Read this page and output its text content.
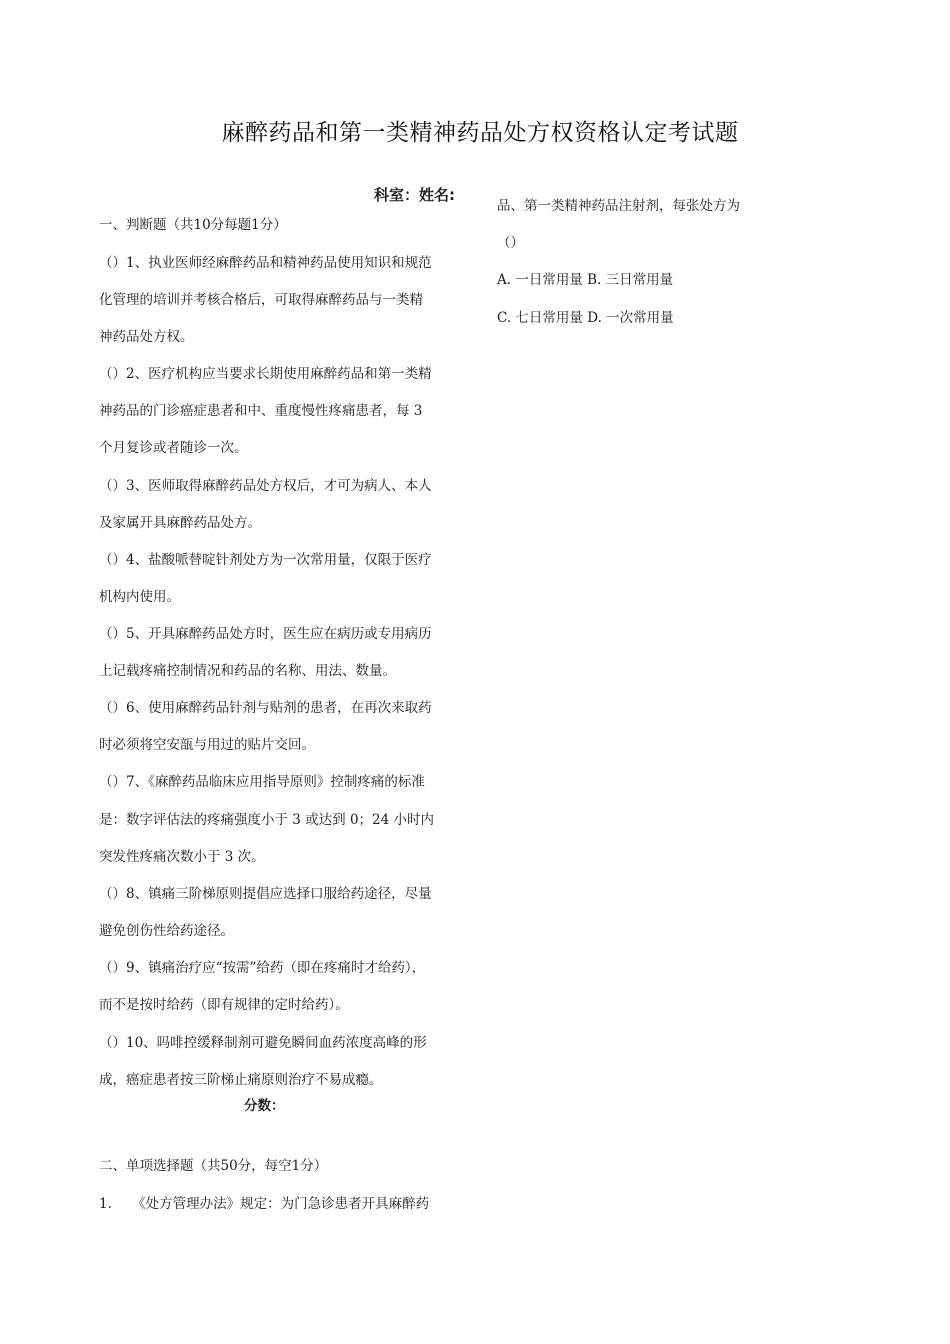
麻醉药品和第一类精神药品处方权资格认定考试题
科室：姓名:
一、判断题（共10分每题1分）
（）1、执业医师经麻醉药品和精神药品使用知识和规范
化管理的培训并考核合格后，可取得麻醉药品与一类精
神药品处方权。
（）2、医疗机构应当要求长期使用麻醉药品和第一类精
神药品的门诊癌症患者和中、重度慢性疼痛患者，每 3
个月复诊或者随诊一次。
（）3、医师取得麻醉药品处方权后，才可为病人、本人
及家属开具麻醉药品处方。
（）4、盐酸哌替啶针剂处方为一次常用量，仅限于医疗
机构内使用。
（）5、开具麻醉药品处方时，医生应在病历或专用病历
上记载疼痛控制情况和药品的名称、用法、数量。
（）6、使用麻醉药品针剂与贴剂的患者，在再次来取药
时必须将空安瓿与用过的贴片交回。
（）7、《麻醉药品临床应用指导原则》控制疼痛的标准
是：数字评估法的疼痛强度小于 3 或达到 0；24 小时内
突发性疼痛次数小于 3 次。
（）8、镇痛三阶梯原则提倡应选择口服给药途径，尽量
避免创伤性给药途径。
（）9、镇痛治疗应“按需”给药（即在疼痛时才给药），
而不是按时给药（即有规律的定时给药）。
（）10、吗啡控缓释制剂可避免瞬间血药浓度高峰的形
成，癌症患者按三阶梯止痛原则治疗不易成瘾。
分数：
二、单项选择题（共50分，每空1分）
1.　　《处方管理办法》规定：为门急诊患者开具麻醉药
品、第一类精神药品注射剂，每张处方为
（）
A. 一日常用量 B. 三日常用量
C. 七日常用量 D. 一次常用量
